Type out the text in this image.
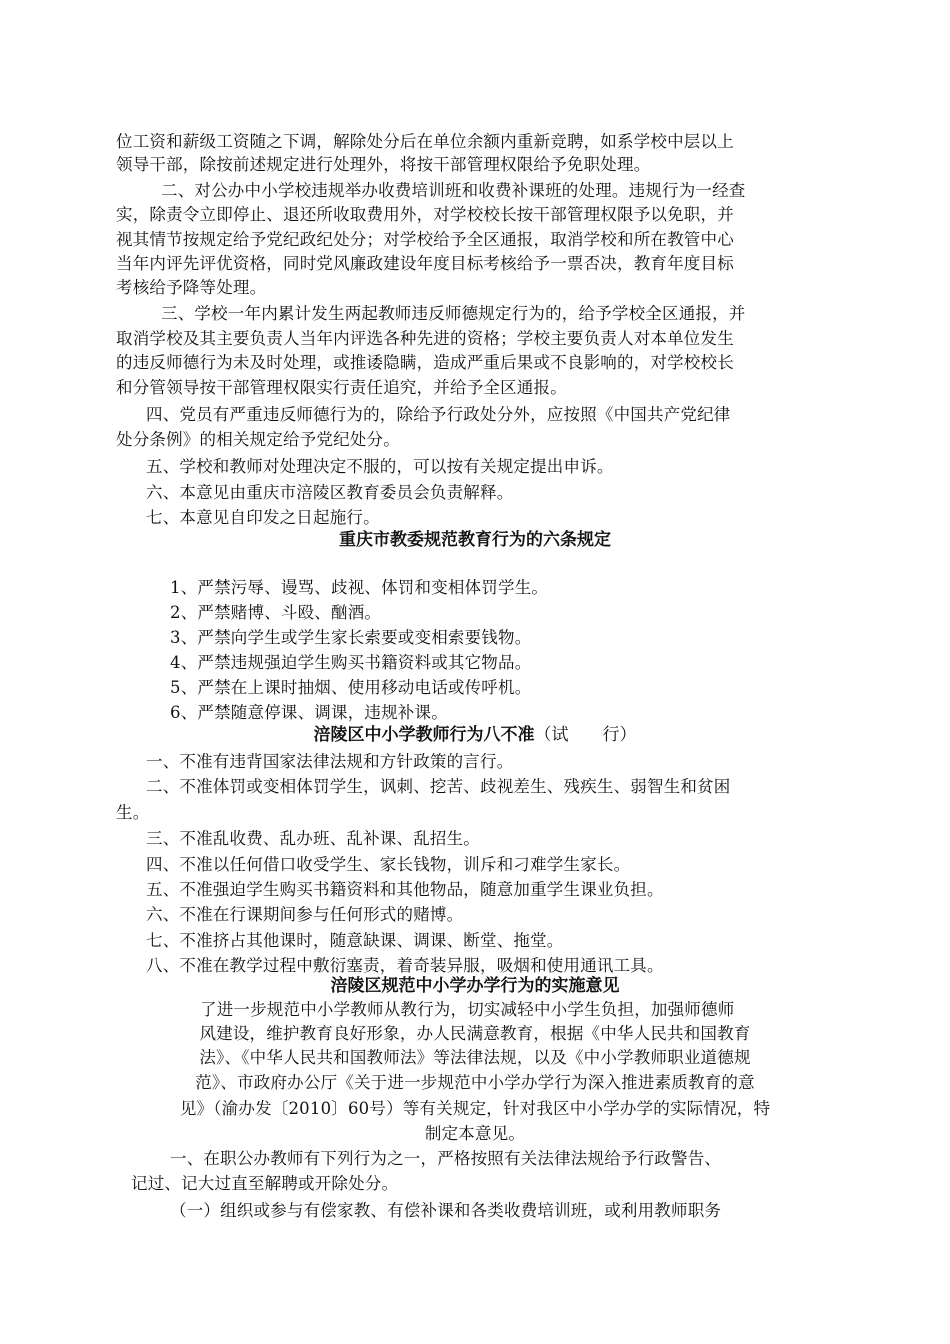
位工资和薪级工资随之下调，解除处分后在单位余额内重新竞聘，如系学校中层以上
领导干部，除按前述规定进行处理外，将按干部管理权限给予免职处理。
二、对公办中小学校违规举办收费培训班和收费补课班的处理。违规行为一经查
实，除责令立即停止、退还所收取费用外，对学校校长按干部管理权限予以免职，并
视其情节按规定给予党纪政纪处分；对学校给予全区通报，取消学校和所在教管中心
当年内评先评优资格，同时党风廉政建设年度目标考核给予一票否决，教育年度目标
考核给予降等处理。
三、学校一年内累计发生两起教师违反师德规定行为的，给予学校全区通报，并
取消学校及其主要负责人当年内评选各种先进的资格；学校主要负责人对本单位发生
的违反师德行为未及时处理，或推诿隐瞒，造成严重后果或不良影响的，对学校校长
和分管领导按干部管理权限实行责任追究，并给予全区通报。
四、党员有严重违反师德行为的，除给予行政处分外，应按照《中国共产党纪律
处分条例》的相关规定给予党纪处分。
五、学校和教师对处理决定不服的，可以按有关规定提出申诉。
六、本意见由重庆市涪陵区教育委员会负责解释。
七、本意见自印发之日起施行。
重庆市教委规范教育行为的六条规定
1、严禁污辱、谩骂、歧视、体罚和变相体罚学生。
2、严禁赌博、斗殴、酗酒。
3、严禁向学生或学生家长索要或变相索要钱物。
4、严禁违规强迫学生购买书籍资料或其它物品。
5、严禁在上课时抽烟、使用移动电话或传呼机。
6、严禁随意停课、调课，违规补课。
涪陵区中小学教师行为八不准（试　　行）
一、不准有违背国家法律法规和方针政策的言行。
二、不准体罚或变相体罚学生，讽刺、挖苦、歧视差生、残疾生、弱智生和贫困
生。
三、不准乱收费、乱办班、乱补课、乱招生。
四、不准以任何借口收受学生、家长钱物，训斥和刁难学生家长。
五、不准强迫学生购买书籍资料和其他物品，随意加重学生课业负担。
六、不准在行课期间参与任何形式的赌博。
七、不准挤占其他课时，随意缺课、调课、断堂、拖堂。
八、不准在教学过程中敷衍塞责，着奇装异服，吸烟和使用通讯工具。
涪陵区规范中小学办学行为的实施意见
了进一步规范中小学教师从教行为，切实减轻中小学生负担，加强师德师
风建设，维护教育良好形象，办人民满意教育，根据《中华人民共和国教育
法》、《中华人民共和国教师法》等法律法规，以及《中小学教师职业道德规
范》、市政府办公厅《关于进一步规范中小学办学行为深入推进素质教育的意
见》（渝办发〔2010〕60号）等有关规定，针对我区中小学办学的实际情况，特
制定本意见。
一、在职公办教师有下列行为之一，严格按照有关法律法规给予行政警告、
记过、记大过直至解聘或开除处分。
（一）组织或参与有偿家教、有偿补课和各类收费培训班，或利用教师职务
